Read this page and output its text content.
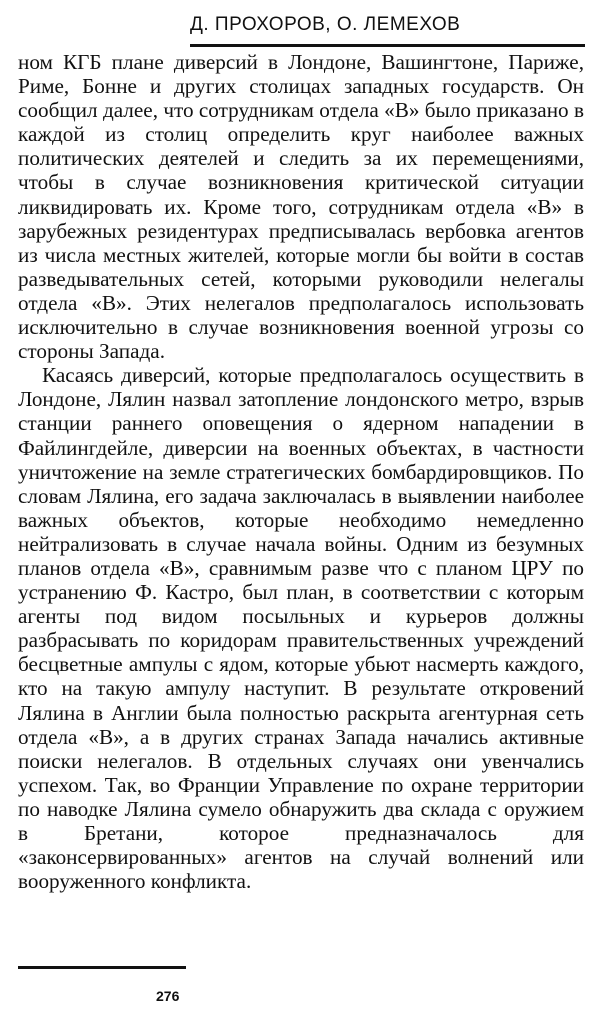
Д. ПРОХОРОВ, О. ЛЕМЕХОВ

ном КГБ плане диверсий в Лондоне, Вашингтоне, Париже, Риме, Бонне и других столицах западных государств. Он сообщил далее, что сотрудникам отдела «В» было приказано в каждой из столиц определить круг наиболее важных политических деятелей и следить за их перемещениями, чтобы в случае возникновения критической ситуации ликвидировать их. Кроме того, сотрудникам отдела «В» в зарубежных резидентурах предписывалась вербовка агентов из числа местных жителей, которые могли бы войти в состав разведывательных сетей, которыми руководили нелегалы отдела «В». Этих нелегалов предполагалось использовать исключительно в случае возникновения военной угрозы со стороны Запада.

Касаясь диверсий, которые предполагалось осуществить в Лондоне, Лялин назвал затопление лондонского метро, взрыв станции раннего оповещения о ядерном нападении в Файлингдейле, диверсии на военных объектах, в частности уничтожение на земле стратегических бомбардировщиков. По словам Лялина, его задача заключалась в выявлении наиболее важных объектов, которые необходимо немедленно нейтрализовать в случае начала войны. Одним из безумных планов отдела «В», сравнимым разве что с планом ЦРУ по устранению Ф. Кастро, был план, в соответствии с которым агенты под видом посыльных и курьеров должны разбрасывать по коридорам правительственных учреждений бесцветные ампулы с ядом, которые убьют насмерть каждого, кто на такую ампулу наступит. В результате откровений Лялина в Англии была полностью раскрыта агентурная сеть отдела «В», а в других странах Запада начались активные поиски нелегалов. В отдельных случаях они увенчались успехом. Так, во Франции Управление по охране территории по наводке Лялина сумело обнаружить два склада с оружием в Бретани, которое предназначалось для «законсервированных» агентов на случай волнений или вооруженного конфликта.

276
